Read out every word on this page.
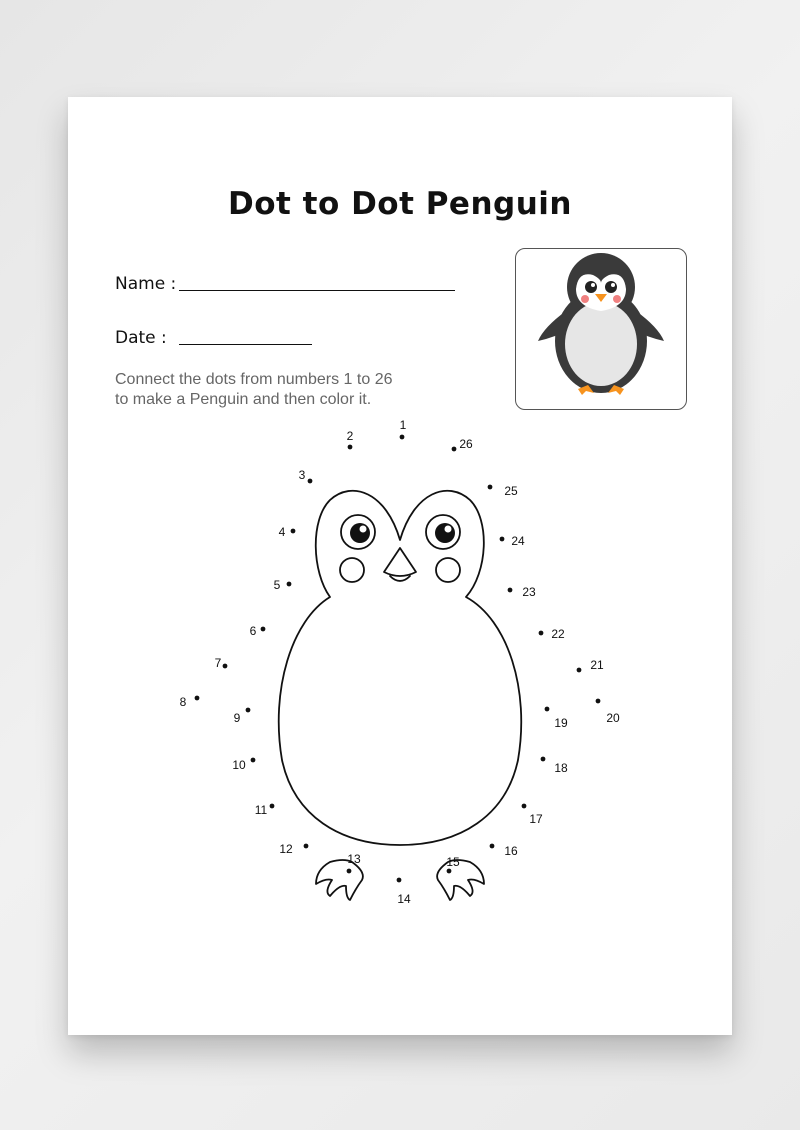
Dot to Dot Penguin
Name :
Date :
Connect the dots from numbers 1 to 26
to make a Penguin and then color it.
1
2
3
4
5
6
7
8
9
10
11
12
13
14
15
16
17
18
19	20
21
22
23
24
25
26
